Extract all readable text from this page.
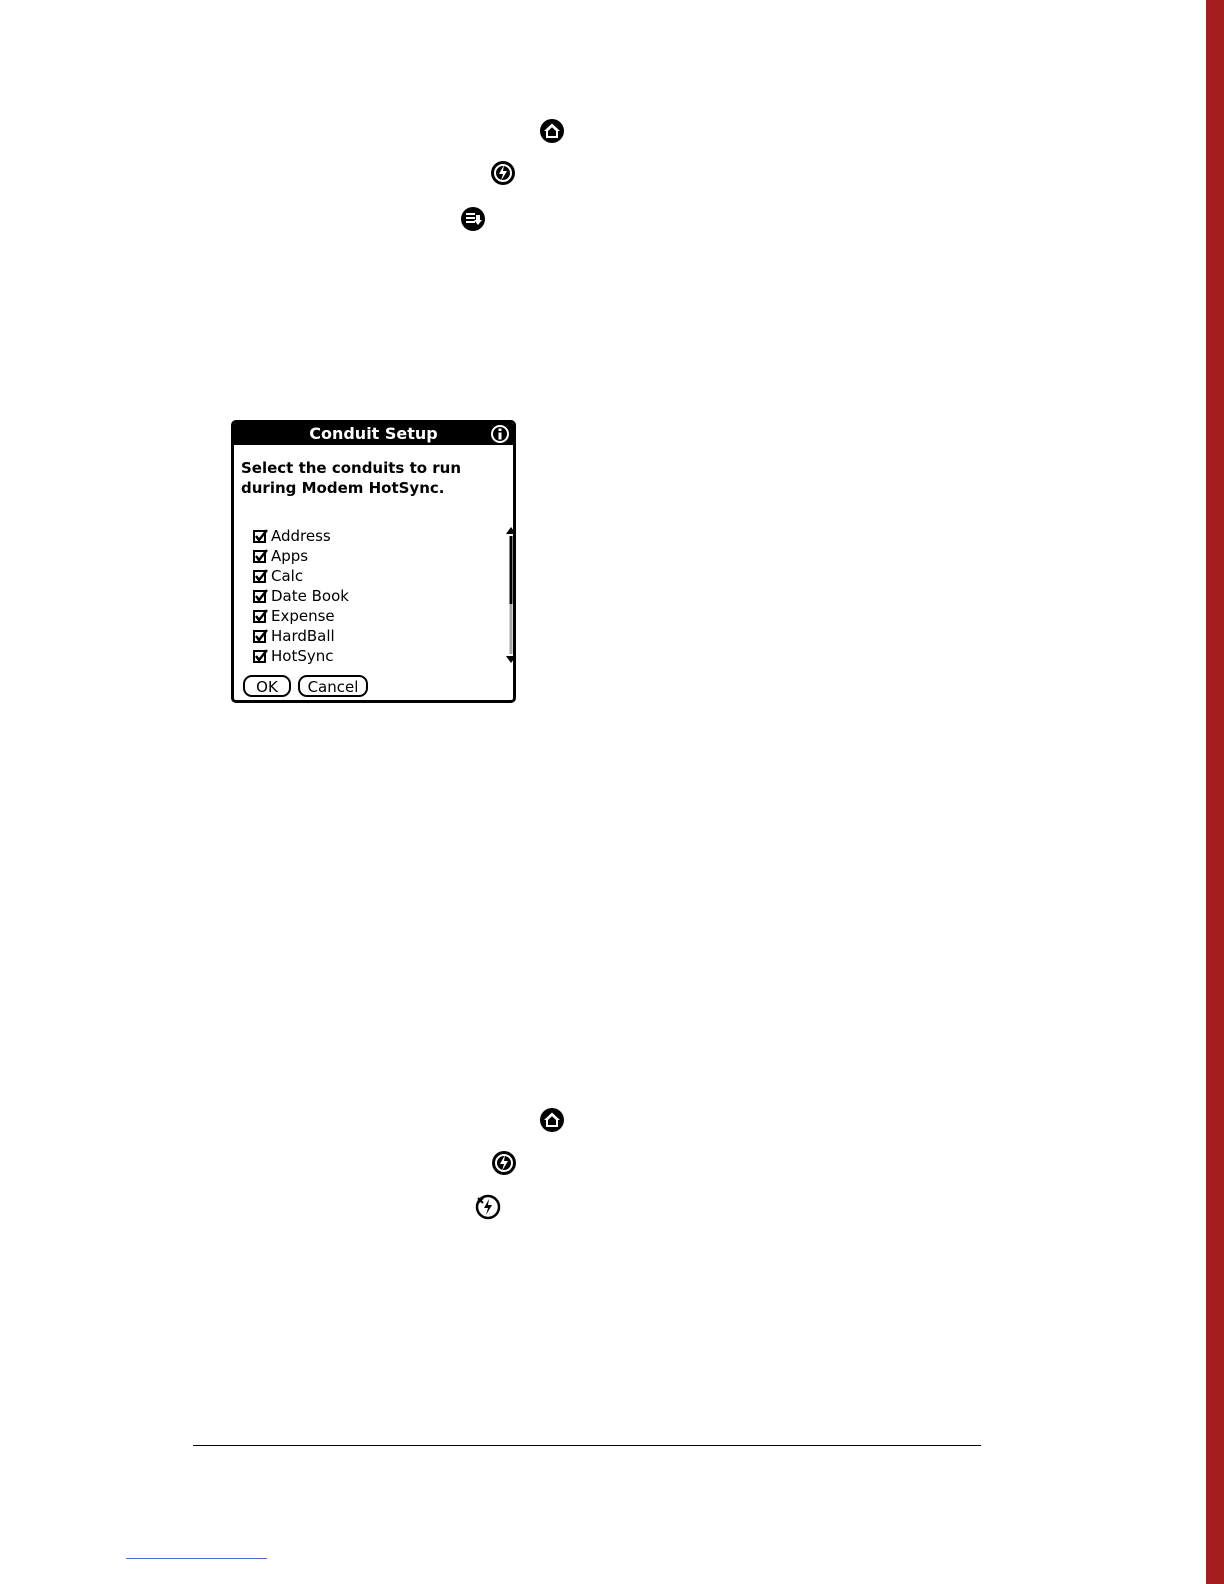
Conduit Setup
Select the conduits to run during Modem HotSync.
Address
Apps
Calc
Date Book
Expense
HardBall
HotSync
OK	Cancel
